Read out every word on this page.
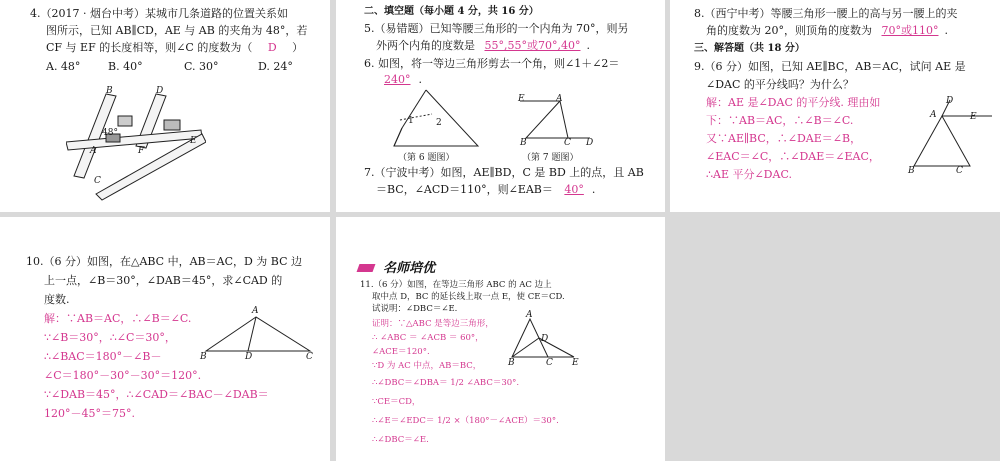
4.（2017 · 烟台中考）某城市几条道路的位置关系如
图所示，已知 AB∥CD，AE 与 AB 的夹角为 48°，若
CF 与 EF 的长度相等，则∠C 的度数为（ D ）
A. 48°	B. 40°	C. 30°	D. 24°
B	D
48°
A	F
E
C
二、填空题（每小题 4 分，共 16 分）
5.（易错题）已知等腰三角形的一个内角为 70°，则另
外两个内角的度数是 55°,55°或70°,40° .
6. 如图，将一等边三角形剪去一个角，则∠1＋∠2＝
240° .
1 2
（第 6 题图）
E	A
B	C D
（第 7 题图）
7.（宁波中考）如图，AE∥BD，C 是 BD 上的点，且 AB
＝BC，∠ACD＝110°，则∠EAB＝ 40° .
8.（西宁中考）等腰三角形一腰上的高与另一腰上的夹
角的度数为 20°，则顶角的度数为 70°或110° .
三、解答题（共 18 分）
9.（6 分）如图，已知 AE∥BC，AB＝AC，试问 AE 是
∠DAC 的平分线吗？为什么？
解：AE 是∠DAC 的平分线. 理由如
下：∵AB＝AC，∴∠B＝∠C.
又∵AE∥BC，∴∠DAE＝∠B，
∠EAC＝∠C，∴∠DAE＝∠EAC，
∴AE 平分∠DAC.
D
A	E
B	C
10.（6 分）如图，在△ABC 中，AB＝AC，D 为 BC 边
上一点，∠B＝30°，∠DAB＝45°，求∠CAD 的
度数.
解：∵AB＝AC，∴∠B＝∠C.
∵∠B＝30°，∴∠C＝30°，
∴∠BAC＝180°－∠B－
∠C＝180°－30°－30°＝120°.
∵∠DAB＝45°，∴∠CAD＝∠BAC－∠DAB＝
120°－45°＝75°.
A
B	D	C
名师培优
11.（6 分）如图，在等边三角形 ABC 的 AC 边上
取中点 D，BC 的延长线上取一点 E，使 CE＝CD.
试说明：∠DBC＝∠E.
证明：∵△ABC 是等边三角形，
∴ ∠ABC ＝ ∠ACB ＝ 60°，
∠ACE＝120°.
∵D 为 AC 中点，AB＝BC，
∴∠DBC＝∠DBA＝ 1/2 ∠ABC＝30°.
∵CE＝CD，
∴∠E＝∠EDC＝ 1/2 ×（180°－∠ACE）＝30°.
∴∠DBC＝∠E.
A
D
B	C E
